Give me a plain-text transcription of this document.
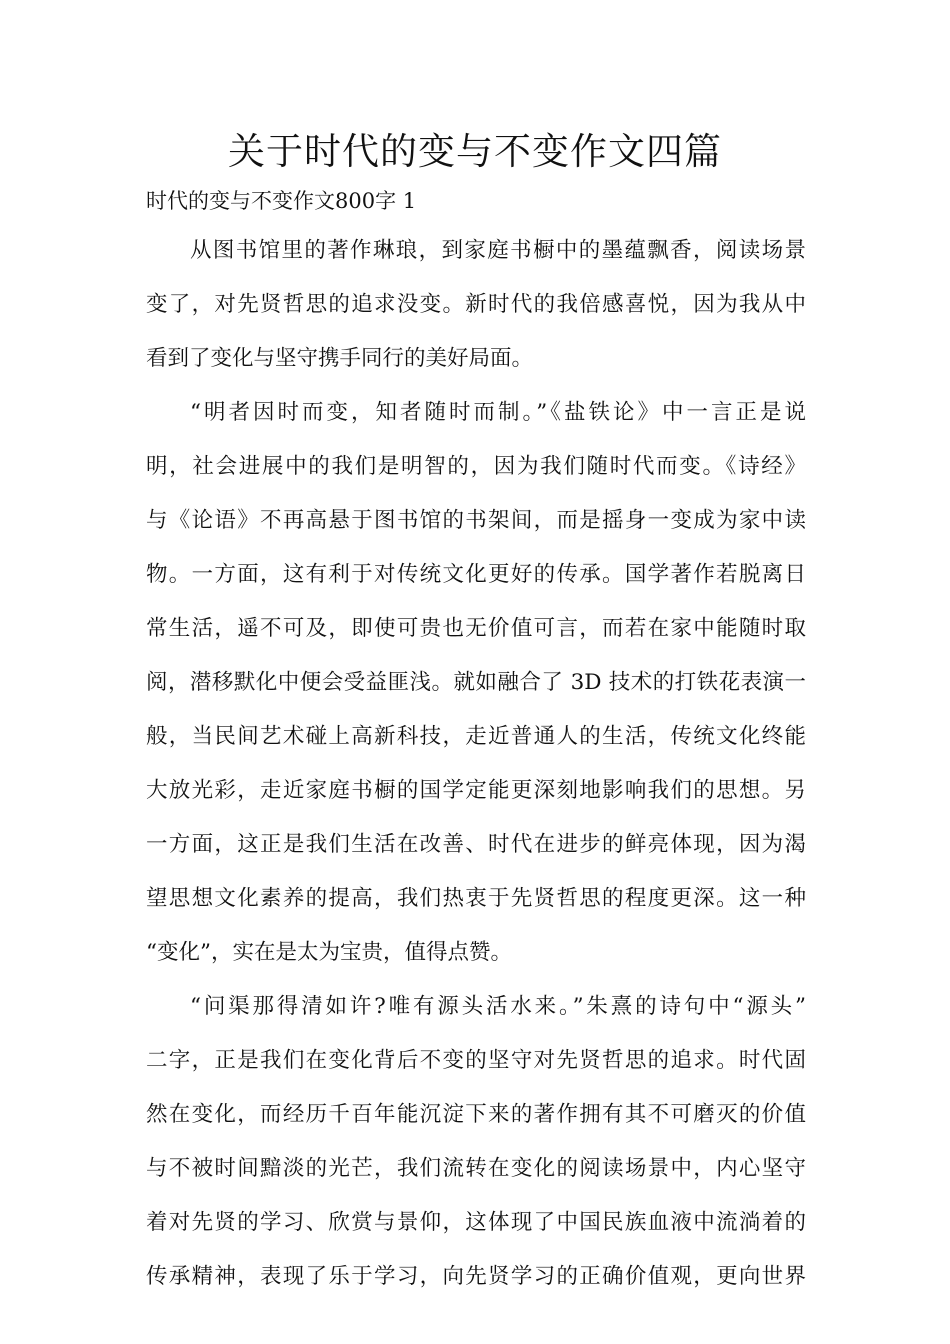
关于时代的变与不变作文四篇
时代的变与不变作文800字 1
从图书馆里的著作琳琅，到家庭书橱中的墨蕴飘香，阅读场景
变了，对先贤哲思的追求没变。新时代的我倍感喜悦，因为我从中
看到了变化与坚守携手同行的美好局面。
“明者因时而变，知者随时而制。”《盐铁论》中一言正是说
明，社会进展中的我们是明智的，因为我们随时代而变。《诗经》
与《论语》不再高悬于图书馆的书架间，而是摇身一变成为家中读
物。一方面，这有利于对传统文化更好的传承。国学著作若脱离日
常生活，遥不可及，即使可贵也无价值可言，而若在家中能随时取
阅，潜移默化中便会受益匪浅。就如融合了 3D 技术的打铁花表演一
般，当民间艺术碰上高新科技，走近普通人的生活，传统文化终能
大放光彩，走近家庭书橱的国学定能更深刻地影响我们的思想。另
一方面，这正是我们生活在改善、时代在进步的鲜亮体现，因为渴
望思想文化素养的提高，我们热衷于先贤哲思的程度更深。这一种
“变化”，实在是太为宝贵，值得点赞。
“问渠那得清如许?唯有源头活水来。”朱熹的诗句中“源头”
二字，正是我们在变化背后不变的坚守对先贤哲思的追求。时代固
然在变化，而经历千百年能沉淀下来的著作拥有其不可磨灭的价值
与不被时间黯淡的光芒，我们流转在变化的阅读场景中，内心坚守
着对先贤的学习、欣赏与景仰，这体现了中国民族血液中流淌着的
传承精神，表现了乐于学习，向先贤学习的正确价值观，更向世界
